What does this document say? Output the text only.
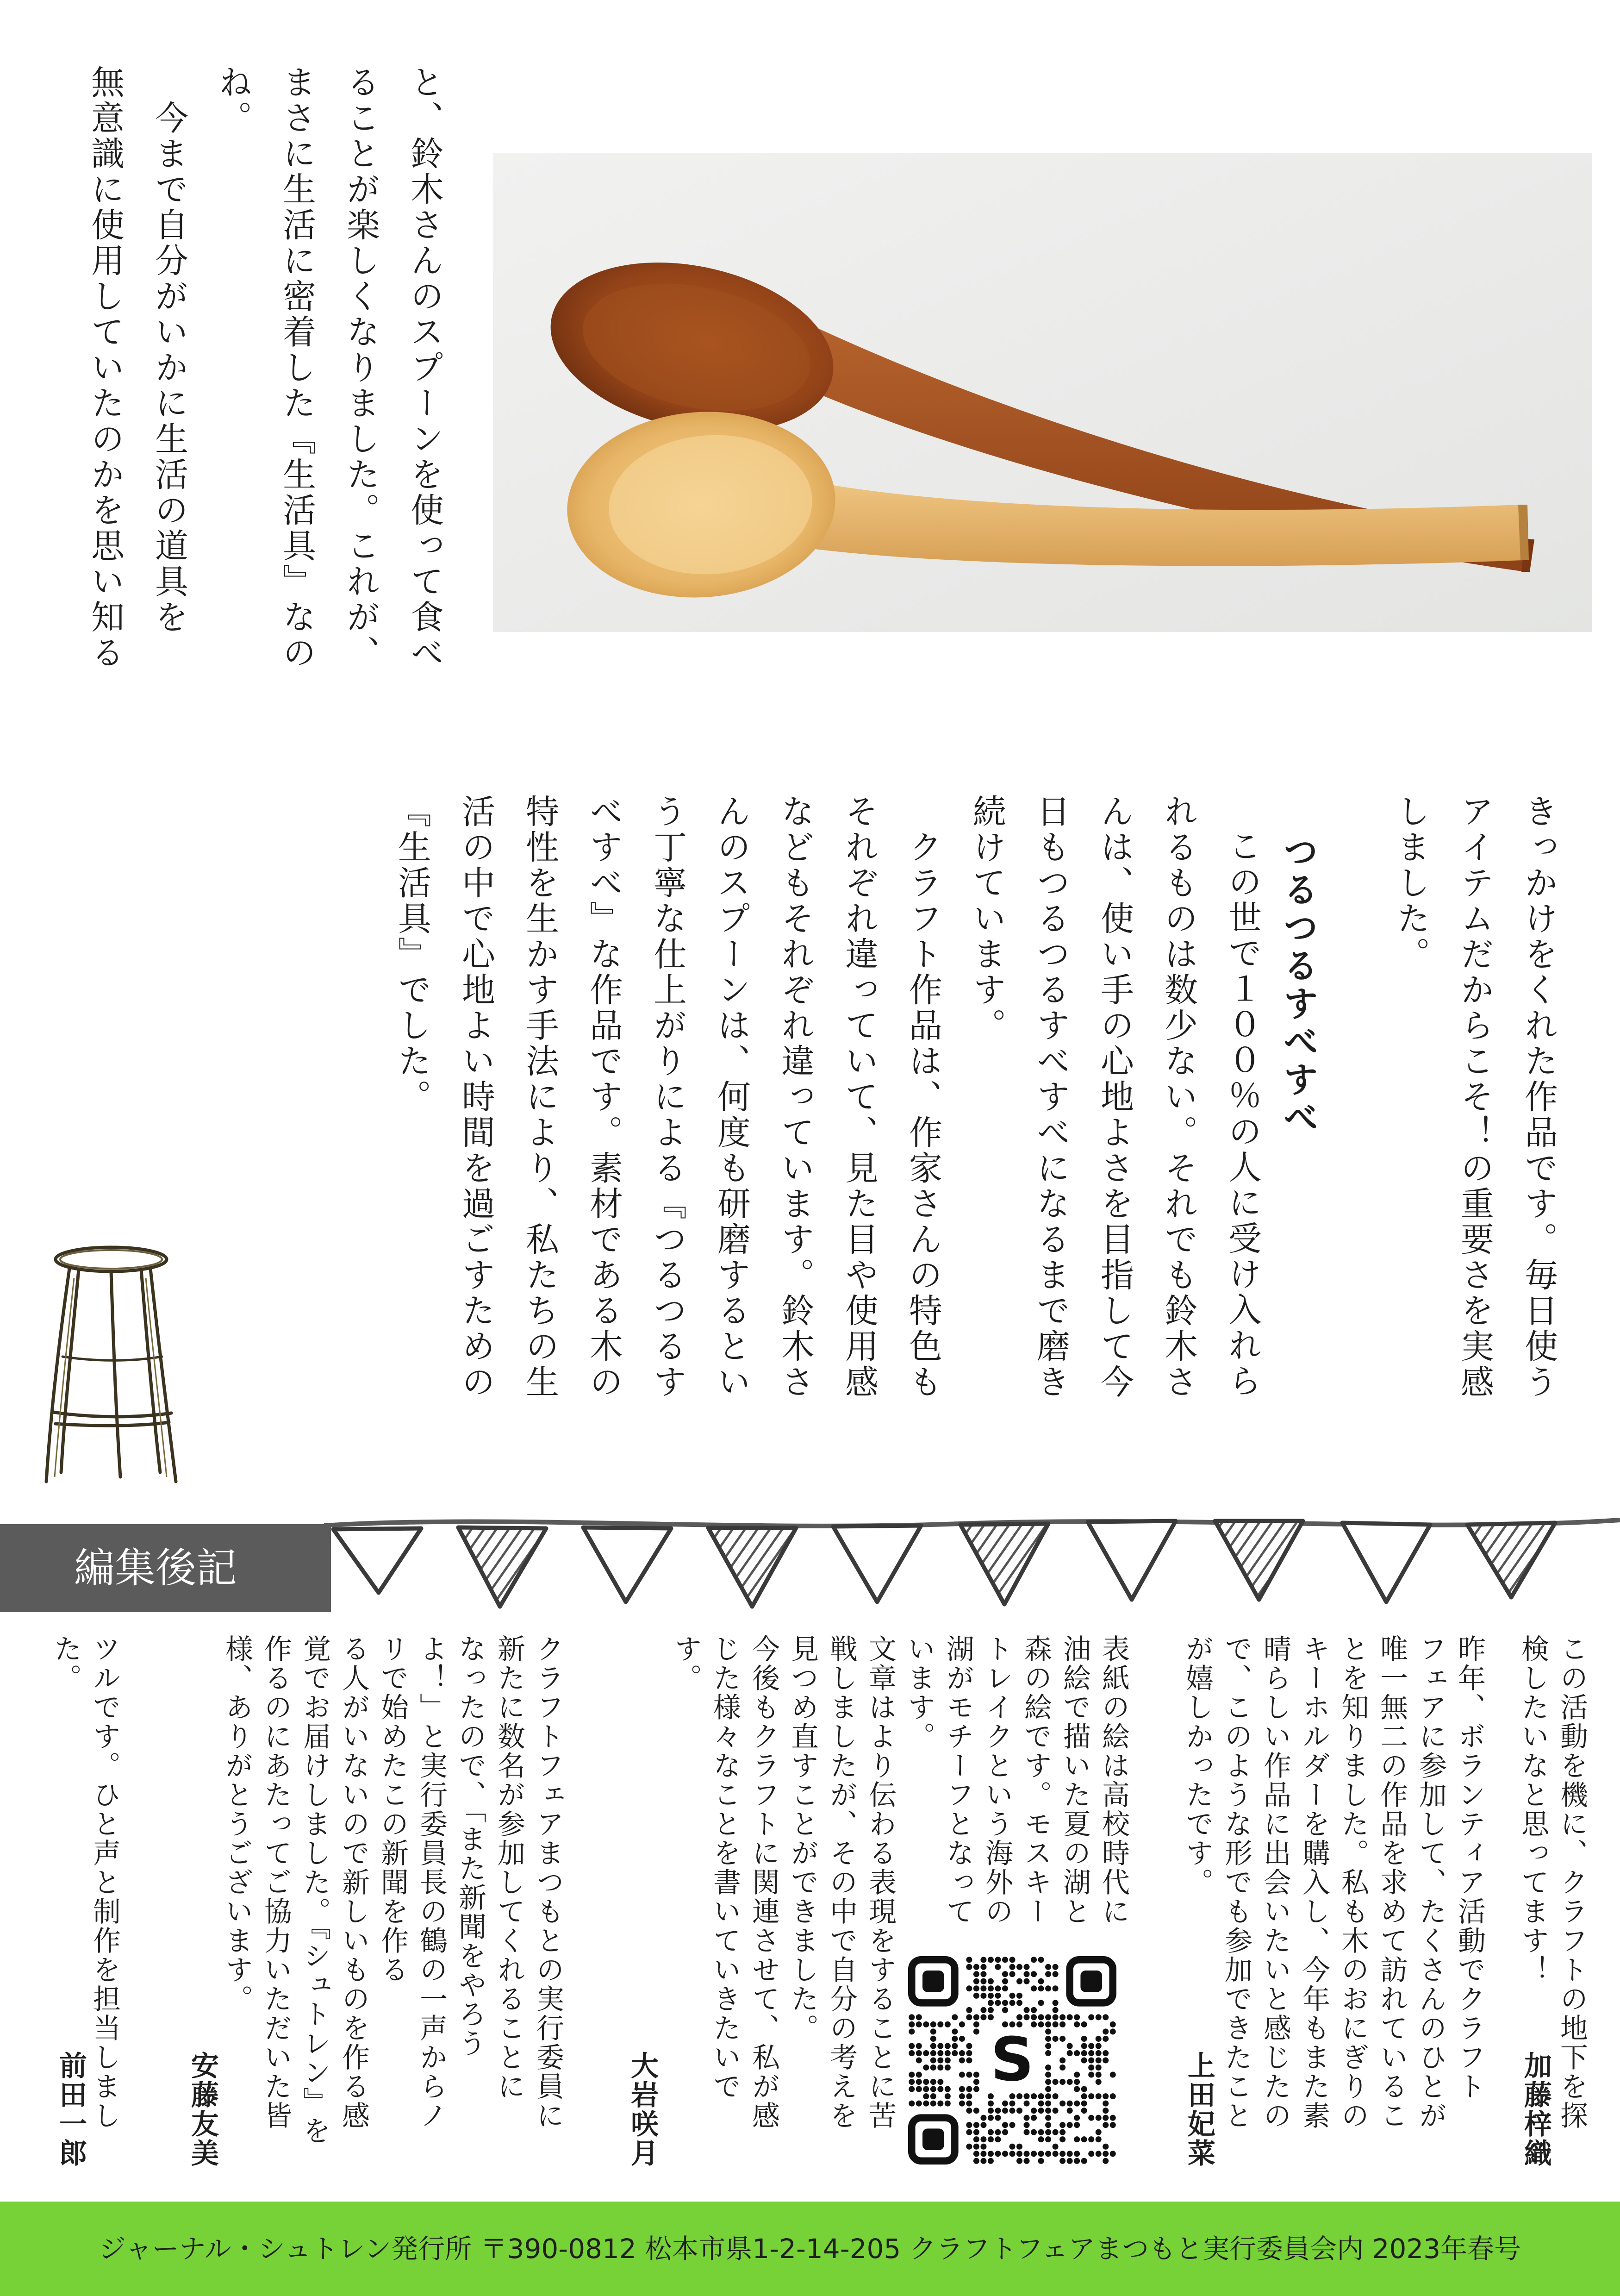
と、鈴木さんのスプーンを使って食べ
ることが楽しくなりました。これが、
まさに生活に密着した『生活具』なの
ね。
　今まで自分がいかに生活の道具を
無意識に使用していたのかを思い知る
きっかけをくれた作品です。毎日使う
アイテムだからこそ！の重要さを実感
しました。
つるつるすべすべ
この世で１００％の人に受け入れら
れるものは数少ない。それでも鈴木さ
んは、使い手の心地よさを目指して今
日もつるつるすべすべになるまで磨き
続けています。
　クラフト作品は、作家さんの特色も
それぞれ違っていて、見た目や使用感
などもそれぞれ違っています。鈴木さ
んのスプーンは、何度も研磨するとい
う丁寧な仕上がりによる『つるつるす
べすべ』な作品です。素材である木の
特性を生かす手法により、私たちの生
活の中で心地よい時間を過ごすための
『生活具』でした。
編集後記
この活動を機に、クラフトの地下を探
検したいなと思ってます！
加藤梓織
昨年、ボランティア活動でクラフト
フェアに参加して、たくさんのひとが
唯一無二の作品を求めて訪れているこ
とを知りました。私も木のおにぎりの
キーホルダーを購入し、今年もまた素
晴らしい作品に出会いたいと感じたの
で、このような形でも参加できたこと
が嬉しかったです。
上田妃菜
表紙の絵は高校時代に
油絵で描いた夏の湖と
森の絵です。モスキー
トレイクという海外の
湖がモチーフとなって
います。
文章はより伝わる表現をすることに苦
戦しましたが、その中で自分の考えを
見つめ直すことができました。
今後もクラフトに関連させて、私が感
じた様々なことを書いていきたいで
す。
大岩咲月
クラフトフェアまつもとの実行委員に
新たに数名が参加してくれることに
なったので、「また新聞をやろう
よ！」と実行委員長の鶴の一声からノ
リで始めたこの新聞を作る
る人がいないので新しいものを作る感
覚でお届けしました。『シュトレン』を
作るのにあたってご協力いただいた皆
様、ありがとうございます。
安藤友美
ツルです。ひと声と制作を担当しまし
た。
前田一郎	S
ジャーナル・シュトレン発行所 〒390-0812 松本市県1-2-14-205 クラフトフェアまつもと実行委員会内 2023年春号
